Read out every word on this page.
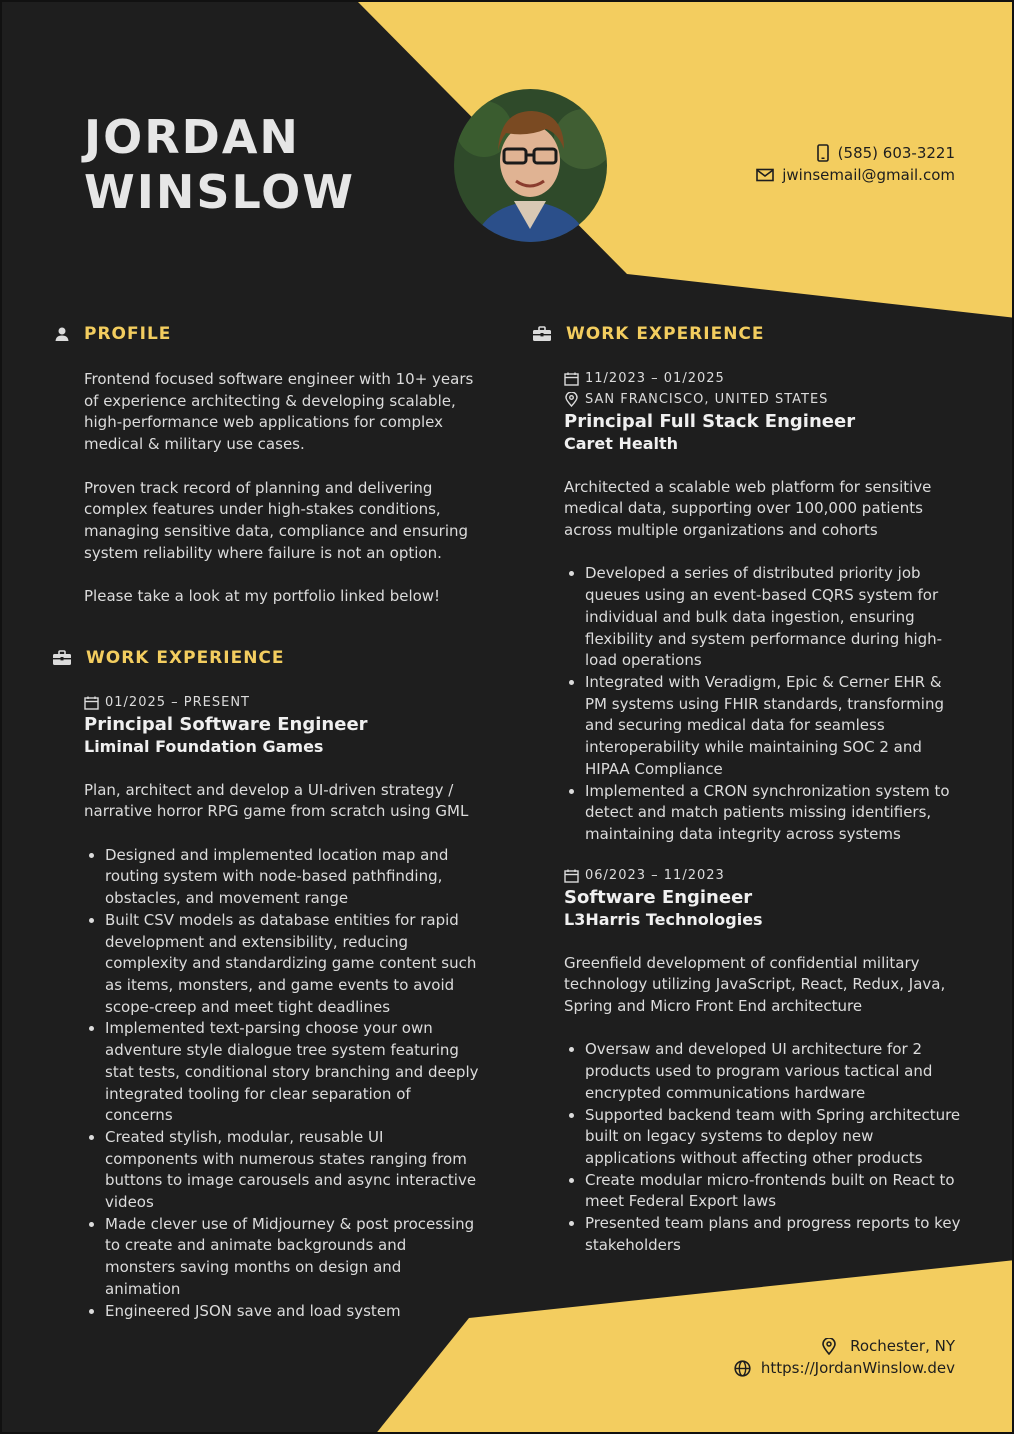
JORDAN
WINSLOW
(585) 603-3221
jwinsemail@gmail.com
PROFILE

Frontend focused software engineer with 10+ years of experience architecting & developing scalable, high-performance web applications for complex medical & military use cases.

Proven track record of planning and delivering complex features under high-stakes conditions, managing sensitive data, compliance and ensuring system reliability where failure is not an option.

Please take a look at my portfolio linked below!

WORK EXPERIENCE
01/2025 – PRESENT
Principal Software Engineer
Liminal Foundation Games

Plan, architect and develop a UI-driven strategy / narrative horror RPG game from scratch using GML

• Designed and implemented location map and routing system with node-based pathfinding, obstacles, and movement range
• Built CSV models as database entities for rapid development and extensibility, reducing complexity and standardizing game content such as items, monsters, and game events to avoid scope-creep and meet tight deadlines
• Implemented text-parsing choose your own adventure style dialogue tree system featuring stat tests, conditional story branching and deeply integrated tooling for clear separation of concerns
• Created stylish, modular, reusable UI components with numerous states ranging from buttons to image carousels and async interactive videos
• Made clever use of Midjourney & post processing to create and animate backgrounds and monsters saving months on design and animation
• Engineered JSON save and load system
WORK EXPERIENCE
11/2023 – 01/2025
SAN FRANCISCO, UNITED STATES
Principal Full Stack Engineer
Caret Health

Architected a scalable web platform for sensitive medical data, supporting over 100,000 patients across multiple organizations and cohorts

• Developed a series of distributed priority job queues using an event-based CQRS system for individual and bulk data ingestion, ensuring flexibility and system performance during high-load operations
• Integrated with Veradigm, Epic & Cerner EHR & PM systems using FHIR standards, transforming and securing medical data for seamless interoperability while maintaining SOC 2 and HIPAA Compliance
• Implemented a CRON synchronization system to detect and match patients missing identifiers, maintaining data integrity across systems
06/2023 – 11/2023
Software Engineer
L3Harris Technologies

Greenfield development of confidential military technology utilizing JavaScript, React, Redux, Java, Spring and Micro Front End architecture

• Oversaw and developed UI architecture for 2 products used to program various tactical and encrypted communications hardware
• Supported backend team with Spring architecture built on legacy systems to deploy new applications without affecting other products
• Create modular micro-frontends built on React to meet Federal Export laws
• Presented team plans and progress reports to key stakeholders
Rochester, NY
https://JordanWinslow.dev
